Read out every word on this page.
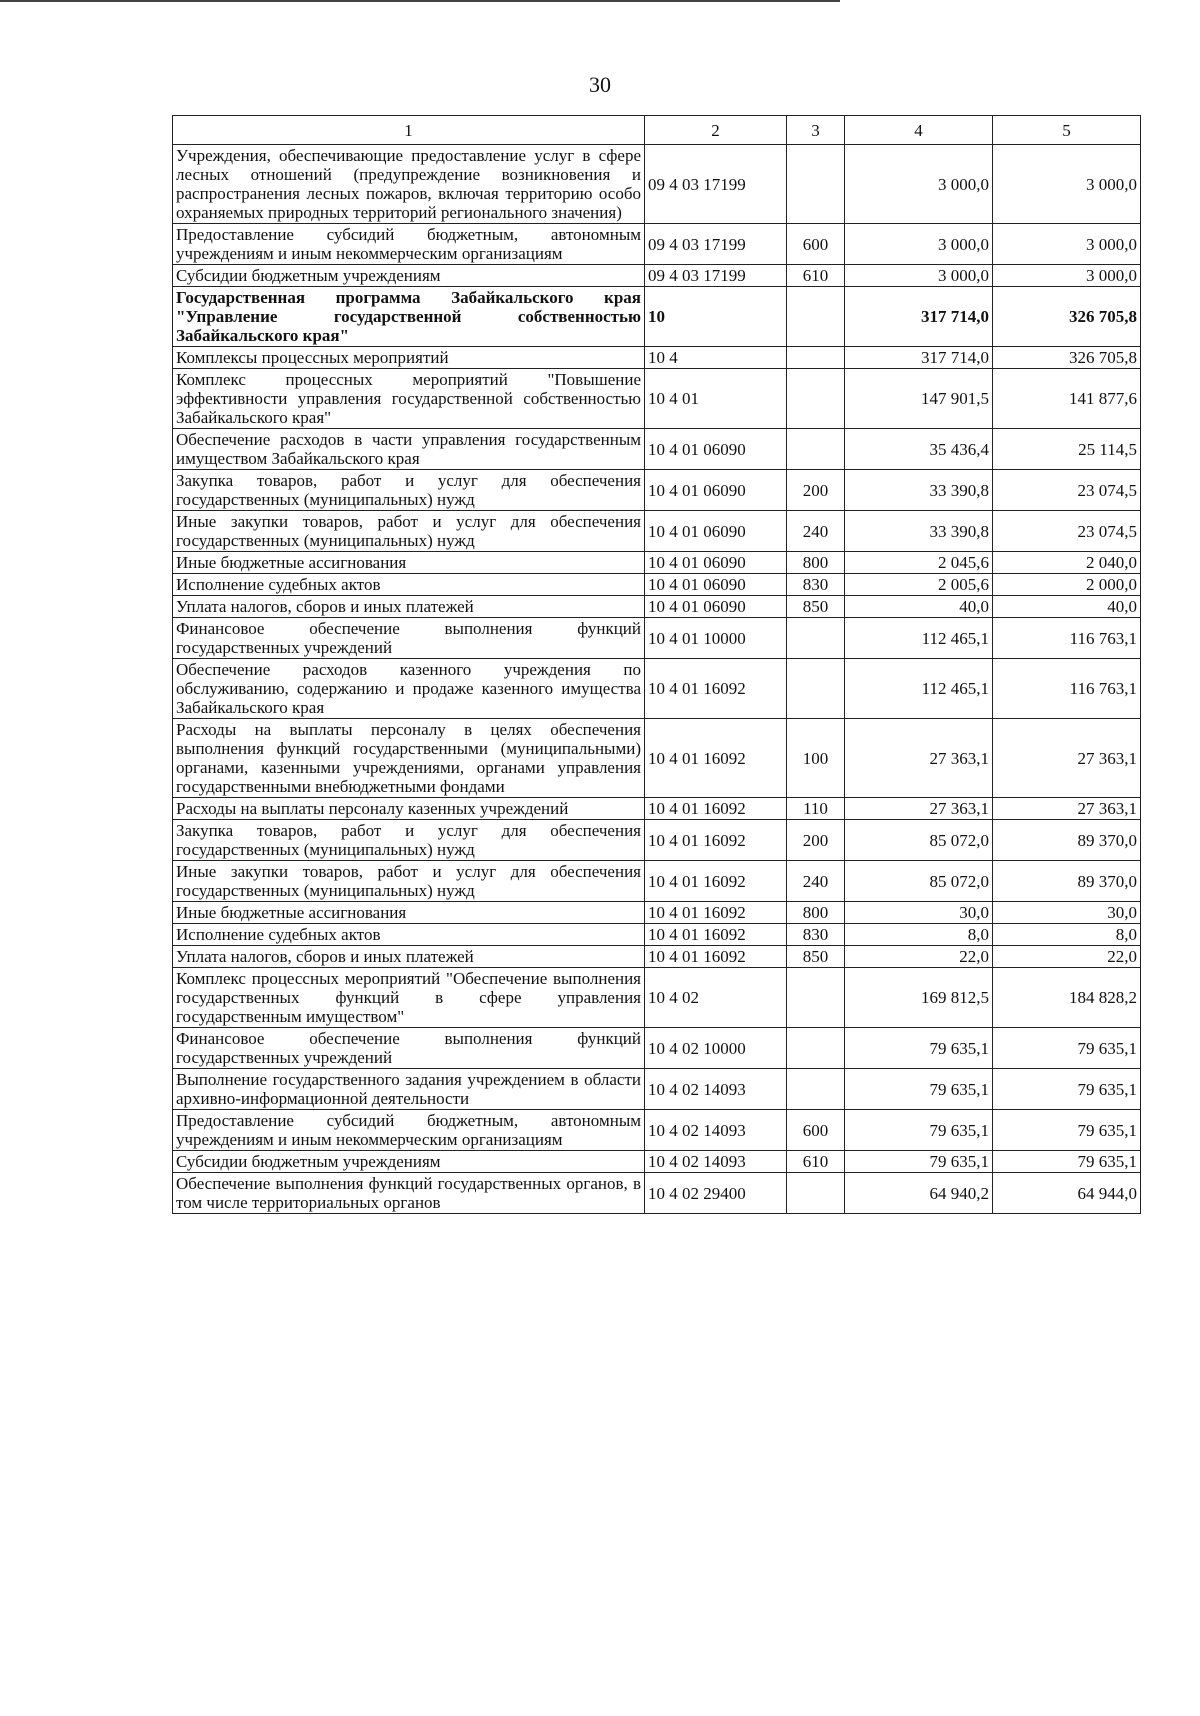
30
1	2	3	4	5
Учреждения, обеспечивающие предоставление услуг в сфере лесных отношений (предупреждение возникновения и распространения лесных пожаров, включая территорию особо охраняемых природных территорий регионального значения)	09 4 03 17199		3 000,0	3 000,0
Предоставление субсидий бюджетным, автономным учреждениям и иным некоммерческим организациям	09 4 03 17199	600	3 000,0	3 000,0
Субсидии бюджетным учреждениям	09 4 03 17199	610	3 000,0	3 000,0
Государственная программа Забайкальского края "Управление государственной собственностью Забайкальского края"	10		317 714,0	326 705,8
Комплексы процессных мероприятий	10 4		317 714,0	326 705,8
Комплекс процессных мероприятий "Повышение эффективности управления государственной собственностью Забайкальского края"	10 4 01		147 901,5	141 877,6
Обеспечение расходов в части управления государственным имуществом Забайкальского края	10 4 01 06090		35 436,4	25 114,5
Закупка товаров, работ и услуг для обеспечения государственных (муниципальных) нужд	10 4 01 06090	200	33 390,8	23 074,5
Иные закупки товаров, работ и услуг для обеспечения государственных (муниципальных) нужд	10 4 01 06090	240	33 390,8	23 074,5
Иные бюджетные ассигнования	10 4 01 06090	800	2 045,6	2 040,0
Исполнение судебных актов	10 4 01 06090	830	2 005,6	2 000,0
Уплата налогов, сборов и иных платежей	10 4 01 06090	850	40,0	40,0
Финансовое обеспечение выполнения функций государственных учреждений	10 4 01 10000		112 465,1	116 763,1
Обеспечение расходов казенного учреждения по обслуживанию, содержанию и продаже казенного имущества Забайкальского края	10 4 01 16092		112 465,1	116 763,1
Расходы на выплаты персоналу в целях обеспечения выполнения функций государственными (муниципальными) органами, казенными учреждениями, органами управления государственными внебюджетными фондами	10 4 01 16092	100	27 363,1	27 363,1
Расходы на выплаты персоналу казенных учреждений	10 4 01 16092	110	27 363,1	27 363,1
Закупка товаров, работ и услуг для обеспечения государственных (муниципальных) нужд	10 4 01 16092	200	85 072,0	89 370,0
Иные закупки товаров, работ и услуг для обеспечения государственных (муниципальных) нужд	10 4 01 16092	240	85 072,0	89 370,0
Иные бюджетные ассигнования	10 4 01 16092	800	30,0	30,0
Исполнение судебных актов	10 4 01 16092	830	8,0	8,0
Уплата налогов, сборов и иных платежей	10 4 01 16092	850	22,0	22,0
Комплекс процессных мероприятий "Обеспечение выполнения государственных функций в сфере управления государственным имуществом"	10 4 02		169 812,5	184 828,2
Финансовое обеспечение выполнения функций государственных учреждений	10 4 02 10000		79 635,1	79 635,1
Выполнение государственного задания учреждением в области архивно-информационной деятельности	10 4 02 14093		79 635,1	79 635,1
Предоставление субсидий бюджетным, автономным учреждениям и иным некоммерческим организациям	10 4 02 14093	600	79 635,1	79 635,1
Субсидии бюджетным учреждениям	10 4 02 14093	610	79 635,1	79 635,1
Обеспечение выполнения функций государственных органов, в том числе территориальных органов	10 4 02 29400		64 940,2	64 944,0
